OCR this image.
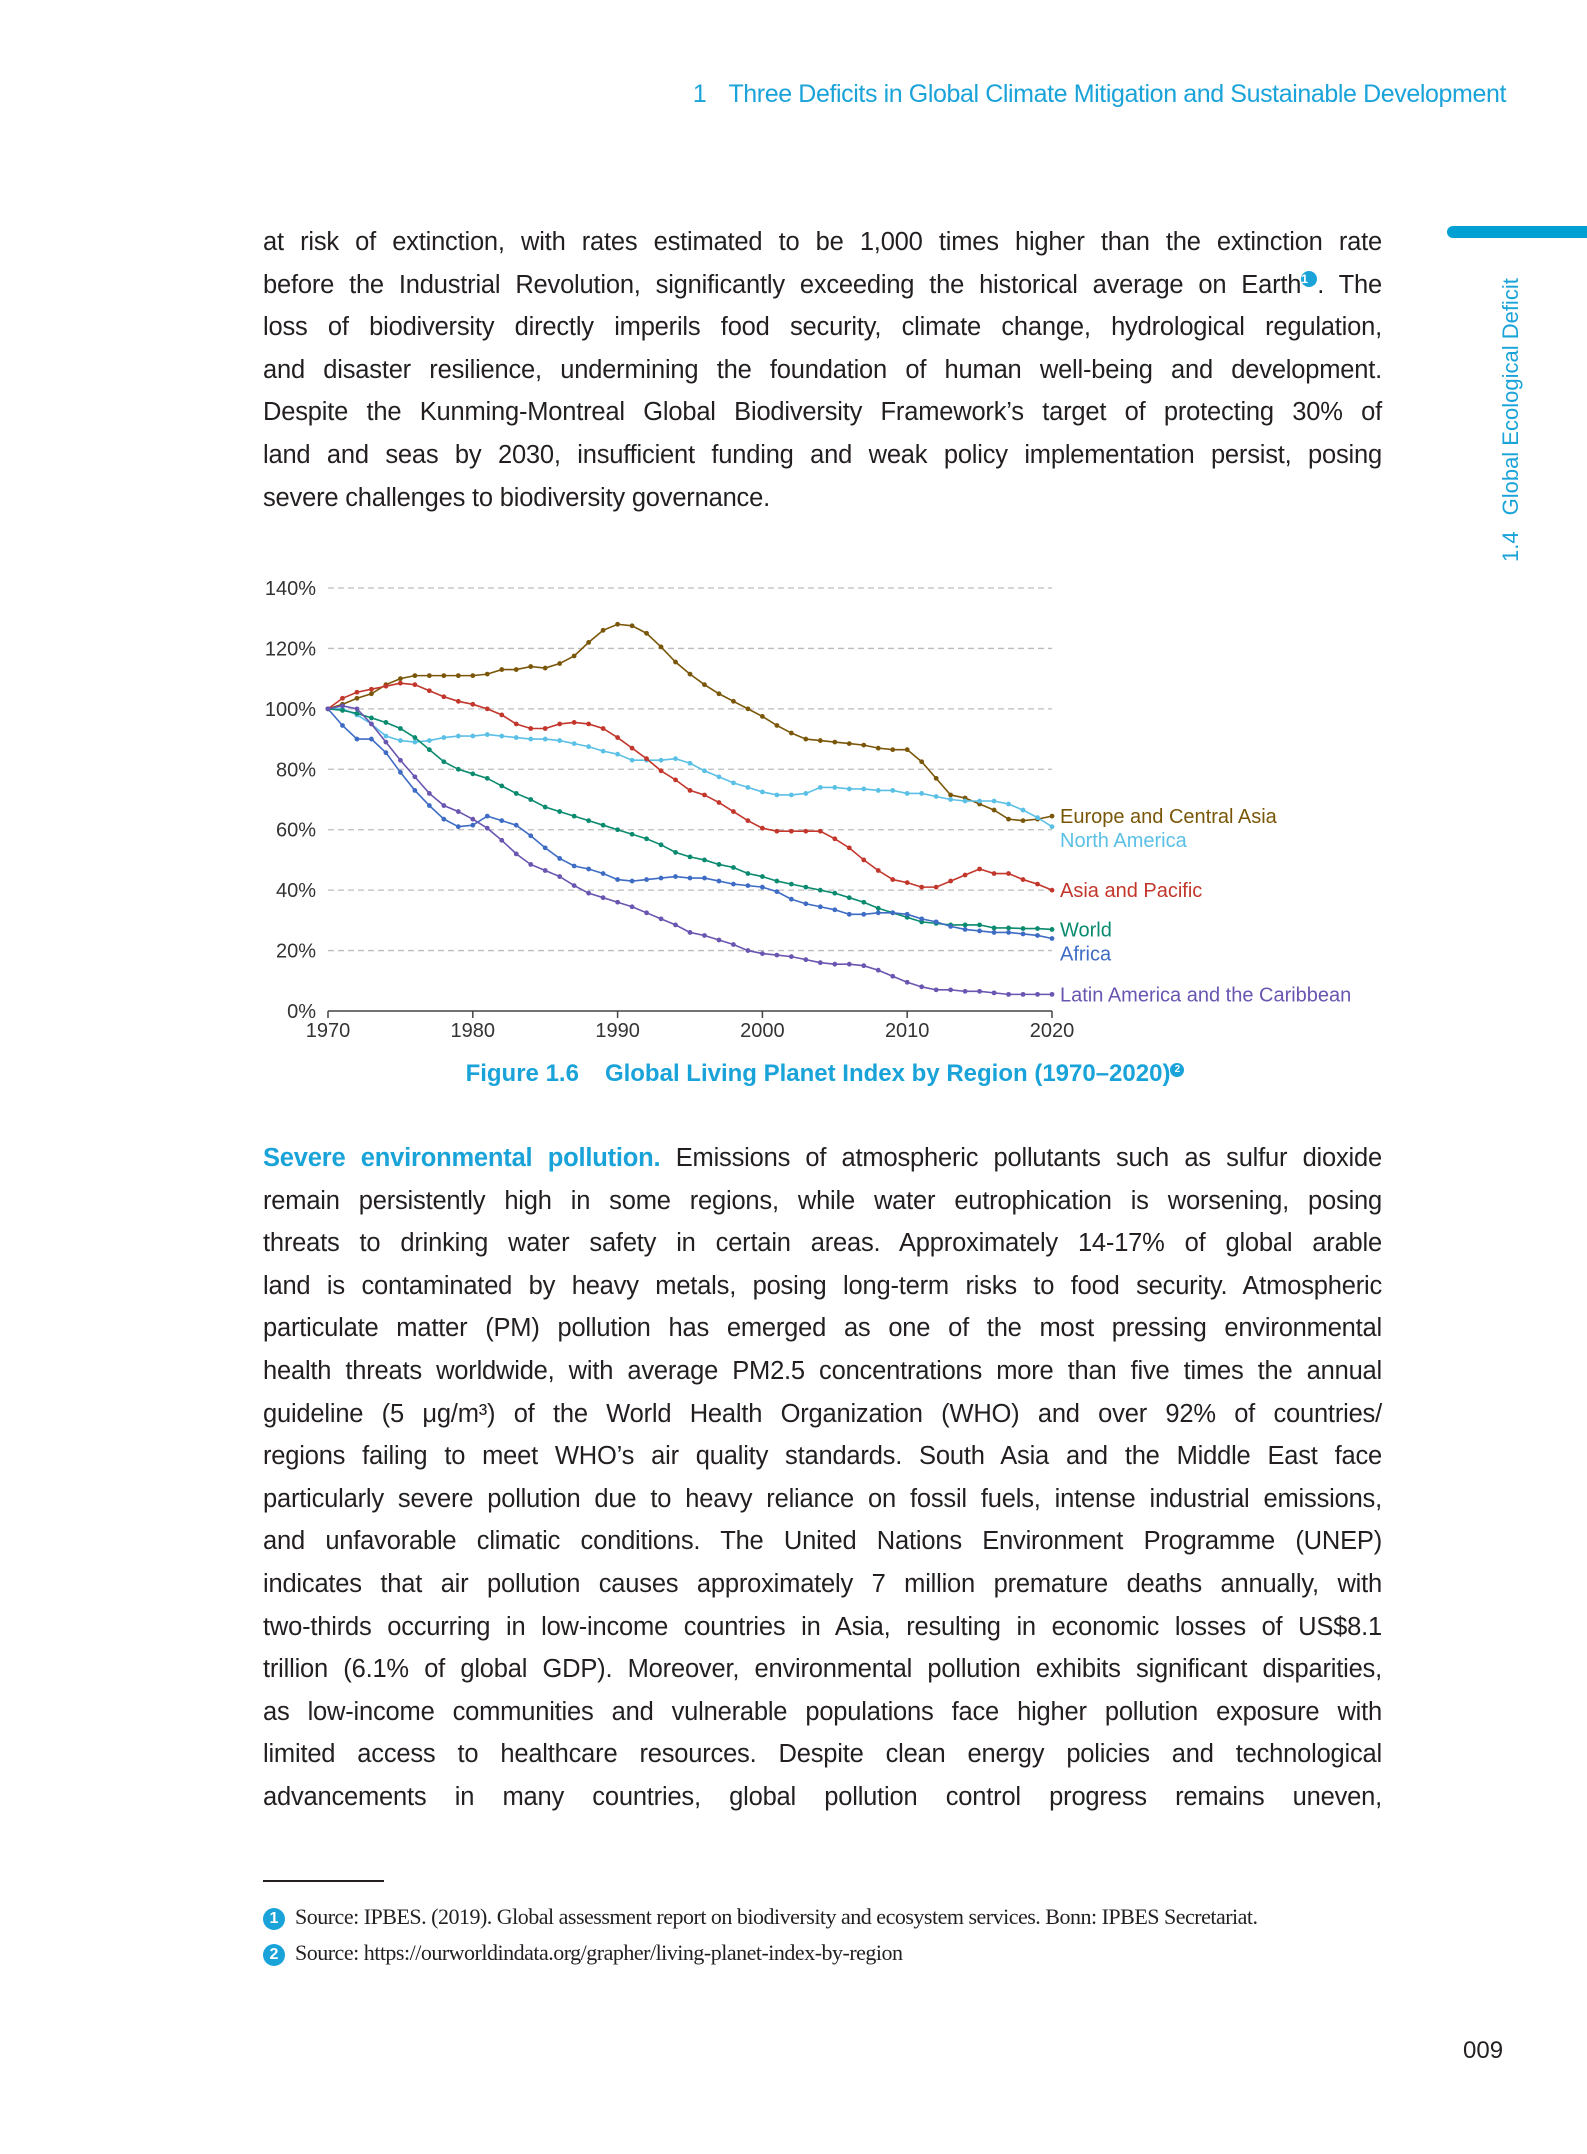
1 Three Deficits in Global Climate Mitigation and Sustainable Development
1.4Global Ecological Deficit
at risk of extinction, with rates estimated to be 1,000 times higher than the extinction rate
before the Industrial Revolution, significantly exceeding the historical average on Earth$^1$ . The
loss of biodiversity directly imperils food security, climate change, hydrological regulation,
and disaster resilience, undermining the foundation of human well-being and development.
Despite the Kunming-Montreal Global Biodiversity Framework’s target of protecting 30% of
land and seas by 2030, insufficient funding and weak policy implementation persist, posing
severe challenges to biodiversity governance.
0%
20%
40%
60%
80%
100%
120%
140%
1970	1980	1990	2000	2010	2020
Europe and Central Asia
North America
Asia and Pacific
World
Africa
Latin America and the Caribbean
Figure 1.6 Global Living Planet Index by Region (1970–2020) $^2$
Severe environmental pollution. Emissions of atmospheric pollutants such as sulfur dioxide
remain persistently high in some regions, while water eutrophication is worsening, posing
threats to drinking water safety in certain areas. Approximately 14-17% of global arable
land is contaminated by heavy metals, posing long-term risks to food security. Atmospheric
particulate matter (PM) pollution has emerged as one of the most pressing environmental
health threats worldwide, with average PM2.5 concentrations more than five times the annual
guideline (5 μg/m³) of the World Health Organization (WHO) and over 92% of countries/
regions failing to meet WHO’s air quality standards. South Asia and the Middle East face
particularly severe pollution due to heavy reliance on fossil fuels, intense industrial emissions,
and unfavorable climatic conditions. The United Nations Environment Programme (UNEP)
indicates that air pollution causes approximately 7 million premature deaths annually, with
two-thirds occurring in low-income countries in Asia, resulting in economic losses of US$8.1
trillion (6.1% of global GDP). Moreover, environmental pollution exhibits significant disparities,
as low-income communities and vulnerable populations face higher pollution exposure with
limited access to healthcare resources. Despite clean energy policies and technological
advancements in many countries, global pollution control progress remains uneven,
1 Source: IPBES. (2019). Global assessment report on biodiversity and ecosystem services. Bonn: IPBES Secretariat.
2 Source: https://ourworldindata.org/grapher/living-planet-index-by-region
009
